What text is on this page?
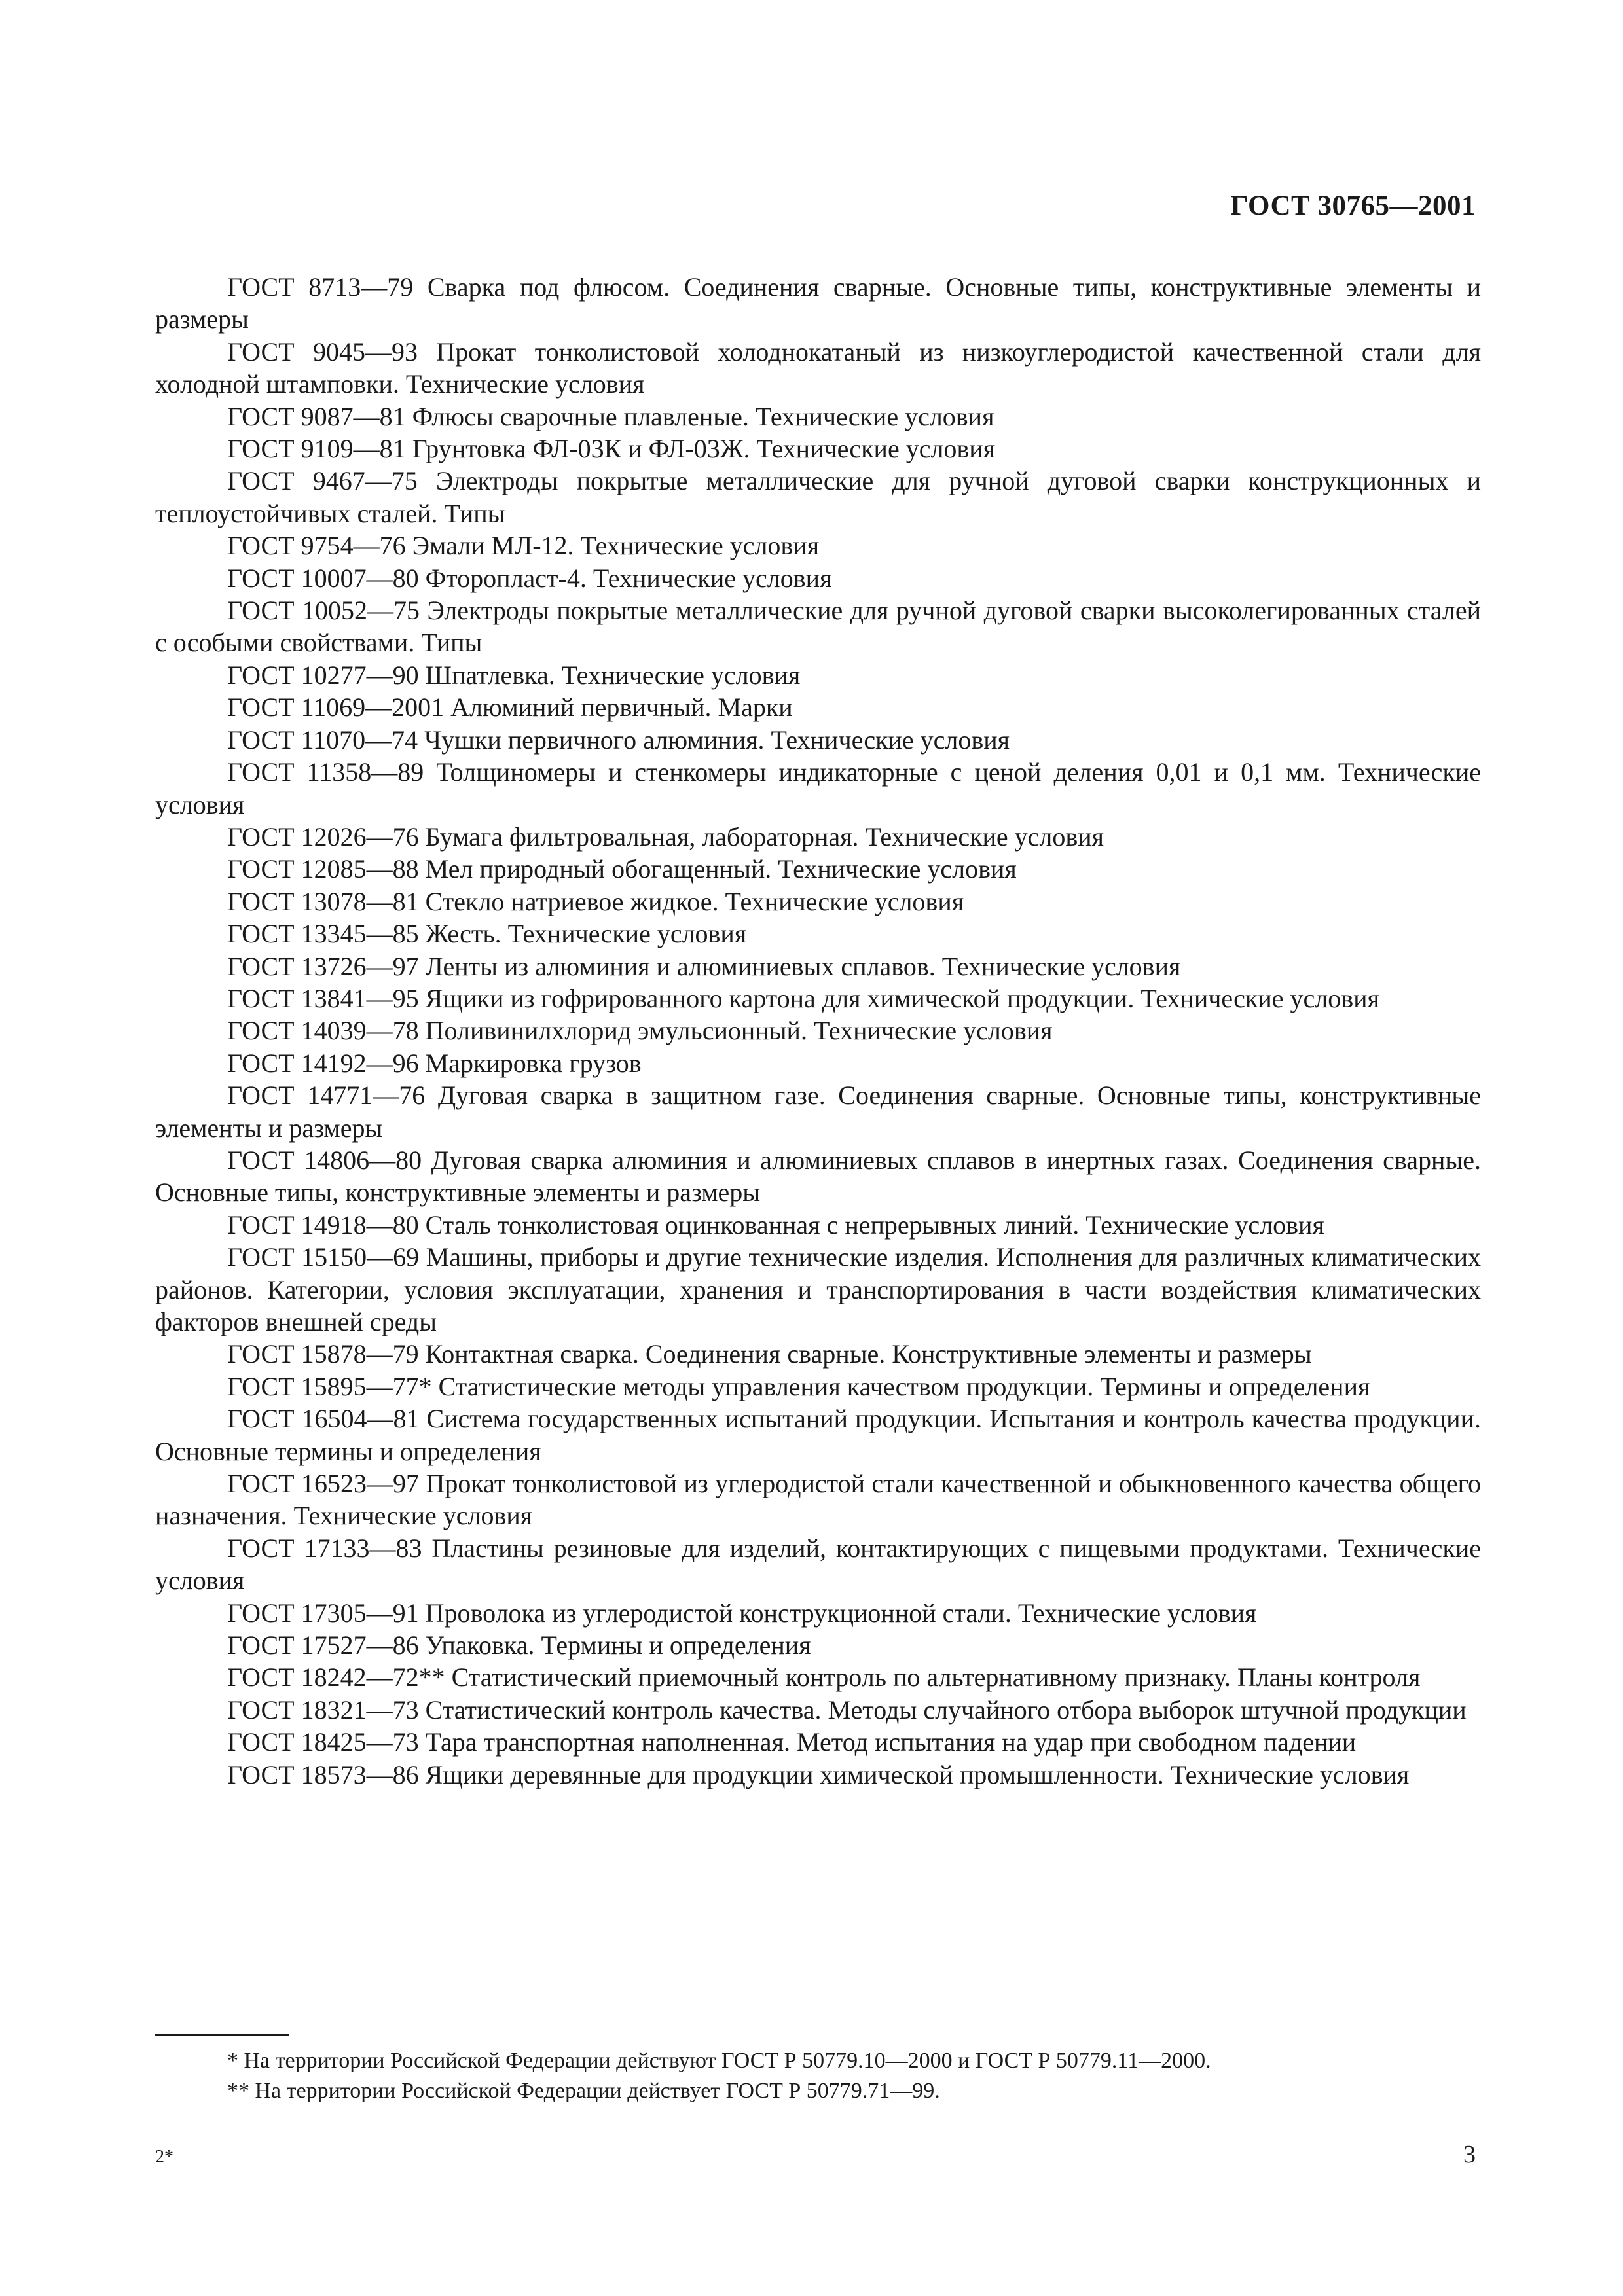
ГОСТ 30765—2001

ГОСТ 8713—79 Сварка под флюсом. Соединения сварные. Основные типы, конструктивные элементы и размеры

ГОСТ 9045—93 Прокат тонколистовой холоднокатаный из низкоуглеродистой качественной стали для холодной штамповки. Технические условия

ГОСТ 9087—81 Флюсы сварочные плавленые. Технические условия

ГОСТ 9109—81 Грунтовка ФЛ-03К и ФЛ-03Ж. Технические условия

ГОСТ 9467—75 Электроды покрытые металлические для ручной дуговой сварки конструкционных и теплоустойчивых сталей. Типы

ГОСТ 9754—76 Эмали МЛ-12. Технические условия

ГОСТ 10007—80 Фторопласт-4. Технические условия

ГОСТ 10052—75 Электроды покрытые металлические для ручной дуговой сварки высоколегированных сталей с особыми свойствами. Типы

ГОСТ 10277—90 Шпатлевка. Технические условия

ГОСТ 11069—2001 Алюминий первичный. Марки

ГОСТ 11070—74 Чушки первичного алюминия. Технические условия

ГОСТ 11358—89 Толщиномеры и стенкомеры индикаторные с ценой деления 0,01 и 0,1 мм. Технические условия

ГОСТ 12026—76 Бумага фильтровальная, лабораторная. Технические условия

ГОСТ 12085—88 Мел природный обогащенный. Технические условия

ГОСТ 13078—81 Стекло натриевое жидкое. Технические условия

ГОСТ 13345—85 Жесть. Технические условия

ГОСТ 13726—97 Ленты из алюминия и алюминиевых сплавов. Технические условия

ГОСТ 13841—95 Ящики из гофрированного картона для химической продукции. Технические условия

ГОСТ 14039—78 Поливинилхлорид эмульсионный. Технические условия

ГОСТ 14192—96 Маркировка грузов

ГОСТ 14771—76 Дуговая сварка в защитном газе. Соединения сварные. Основные типы, конструктивные элементы и размеры

ГОСТ 14806—80 Дуговая сварка алюминия и алюминиевых сплавов в инертных газах. Соединения сварные. Основные типы, конструктивные элементы и размеры

ГОСТ 14918—80 Сталь тонколистовая оцинкованная с непрерывных линий. Технические условия

ГОСТ 15150—69 Машины, приборы и другие технические изделия. Исполнения для различных климатических районов. Категории, условия эксплуатации, хранения и транспортирования в части воздействия климатических факторов внешней среды

ГОСТ 15878—79 Контактная сварка. Соединения сварные. Конструктивные элементы и размеры

ГОСТ 15895—77* Статистические методы управления качеством продукции. Термины и определения

ГОСТ 16504—81 Система государственных испытаний продукции. Испытания и контроль качества продукции. Основные термины и определения

ГОСТ 16523—97 Прокат тонколистовой из углеродистой стали качественной и обыкновенного качества общего назначения. Технические условия

ГОСТ 17133—83 Пластины резиновые для изделий, контактирующих с пищевыми продуктами. Технические условия

ГОСТ 17305—91 Проволока из углеродистой конструкционной стали. Технические условия

ГОСТ 17527—86 Упаковка. Термины и определения

ГОСТ 18242—72** Статистический приемочный контроль по альтернативному признаку. Планы контроля

ГОСТ 18321—73 Статистический контроль качества. Методы случайного отбора выборок штучной продукции

ГОСТ 18425—73 Тара транспортная наполненная. Метод испытания на удар при свободном падении

ГОСТ 18573—86 Ящики деревянные для продукции химической промышленности. Технические условия

* На территории Российской Федерации действуют ГОСТ Р 50779.10—2000 и ГОСТ Р 50779.11—2000.

** На территории Российской Федерации действует ГОСТ Р 50779.71—99.

2*	3
